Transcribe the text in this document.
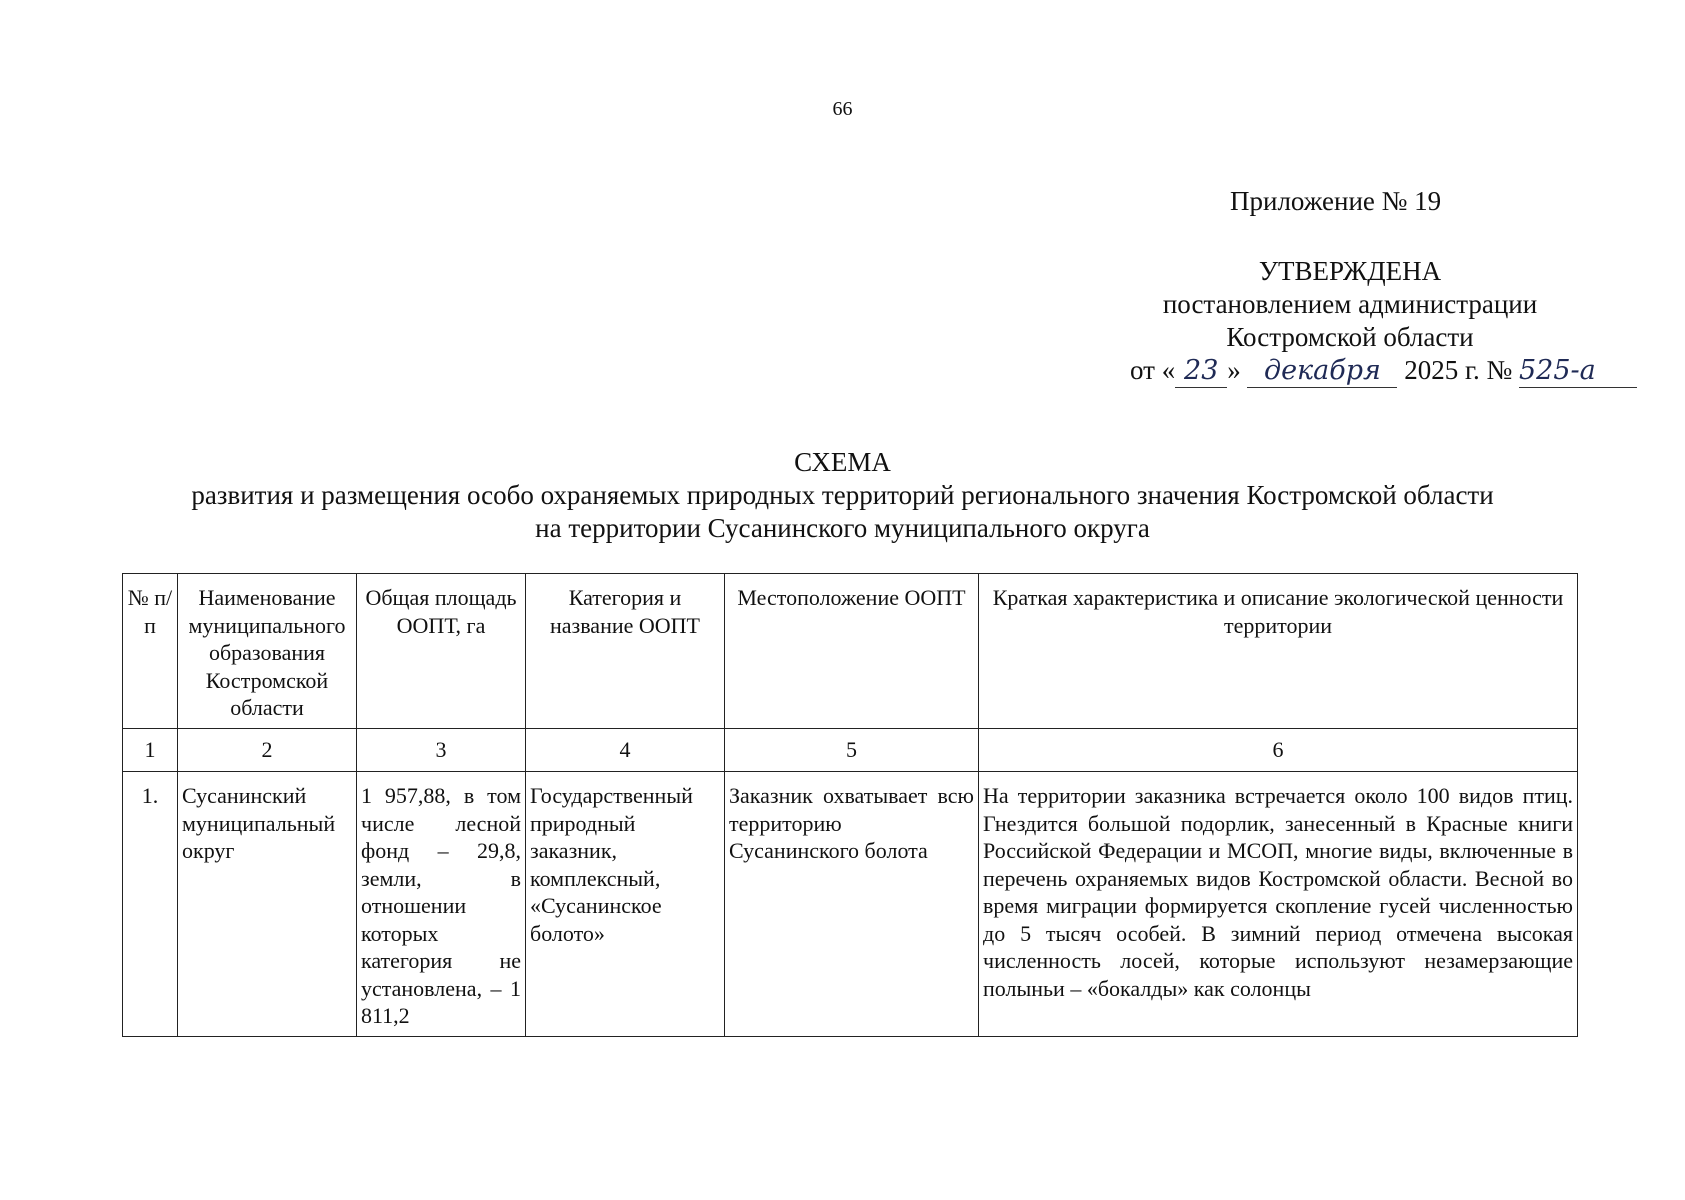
66
Приложение № 19
УТВЕРЖДЕНА
постановлением администрации
Костромской области
от « 23 » декабря 2025 г. № 525-а
СХЕМА
развития и размещения особо охраняемых природных территорий регионального значения Костромской области
на территории Сусанинского муниципального округа
№ п/п	Наименование муниципального образования Костромской области	Общая площадь ООПТ, га	Категория и название ООПТ	Местоположение ООПТ	Краткая характеристика и описание экологической ценности территории
1	2	3	4	5	6
1.	Сусанинский муниципальный округ	1 957,88, в том числе лесной фонд – 29,8, земли, в отношении которых категория не установлена, – 1 811,2	Государственный природный заказник, комплексный, «Сусанинское болото»	Заказник охватывает всю территорию Сусанинского болота	На территории заказника встречается около 100 видов птиц. Гнездится большой подорлик, занесенный в Красные книги Российской Федерации и МСОП, многие виды, включенные в перечень охраняемых видов Костромской области. Весной во время миграции формируется скопление гусей численностью до 5 тысяч особей. В зимний период отмечена высокая численность лосей, которые используют незамерзающие полыньи – «бокалды» как солонцы
